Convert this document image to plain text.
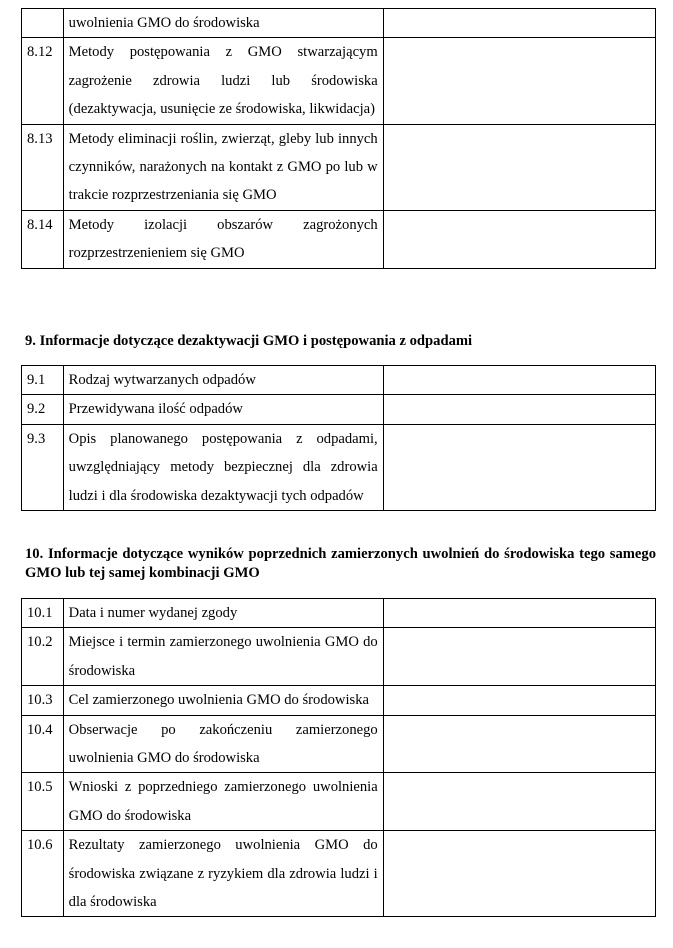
	uwolnienia GMO do środowiska	
8.12	Metody postępowania z GMO stwarzającym zagrożenie zdrowia ludzi lub środowiska (dezaktywacja, usunięcie ze środowiska, likwidacja)	
8.13	Metody eliminacji roślin, zwierząt, gleby lub innych czynników, narażonych na kontakt z GMO po lub w trakcie rozprzestrzeniania się GMO	
8.14	Metody izolacji obszarów zagrożonych rozprzestrzenieniem się GMO	
9. Informacje dotyczące dezaktywacji GMO i postępowania z odpadami
9.1	Rodzaj wytwarzanych odpadów	
9.2	Przewidywana ilość odpadów	
9.3	Opis planowanego postępowania z odpadami, uwzględniający metody bezpiecznej dla zdrowia ludzi i dla środowiska dezaktywacji tych odpadów	
10. Informacje dotyczące wyników poprzednich zamierzonych uwolnień do środowiska tego samego GMO lub tej samej kombinacji GMO
10.1	Data i numer wydanej zgody	
10.2	Miejsce i termin zamierzonego uwolnienia GMO do środowiska	
10.3	Cel zamierzonego uwolnienia GMO do środowiska	
10.4	Obserwacje po zakończeniu zamierzonego uwolnienia GMO do środowiska	
10.5	Wnioski z poprzedniego zamierzonego uwolnienia GMO do środowiska	
10.6	Rezultaty zamierzonego uwolnienia GMO do środowiska związane z ryzykiem dla zdrowia ludzi i dla środowiska	
